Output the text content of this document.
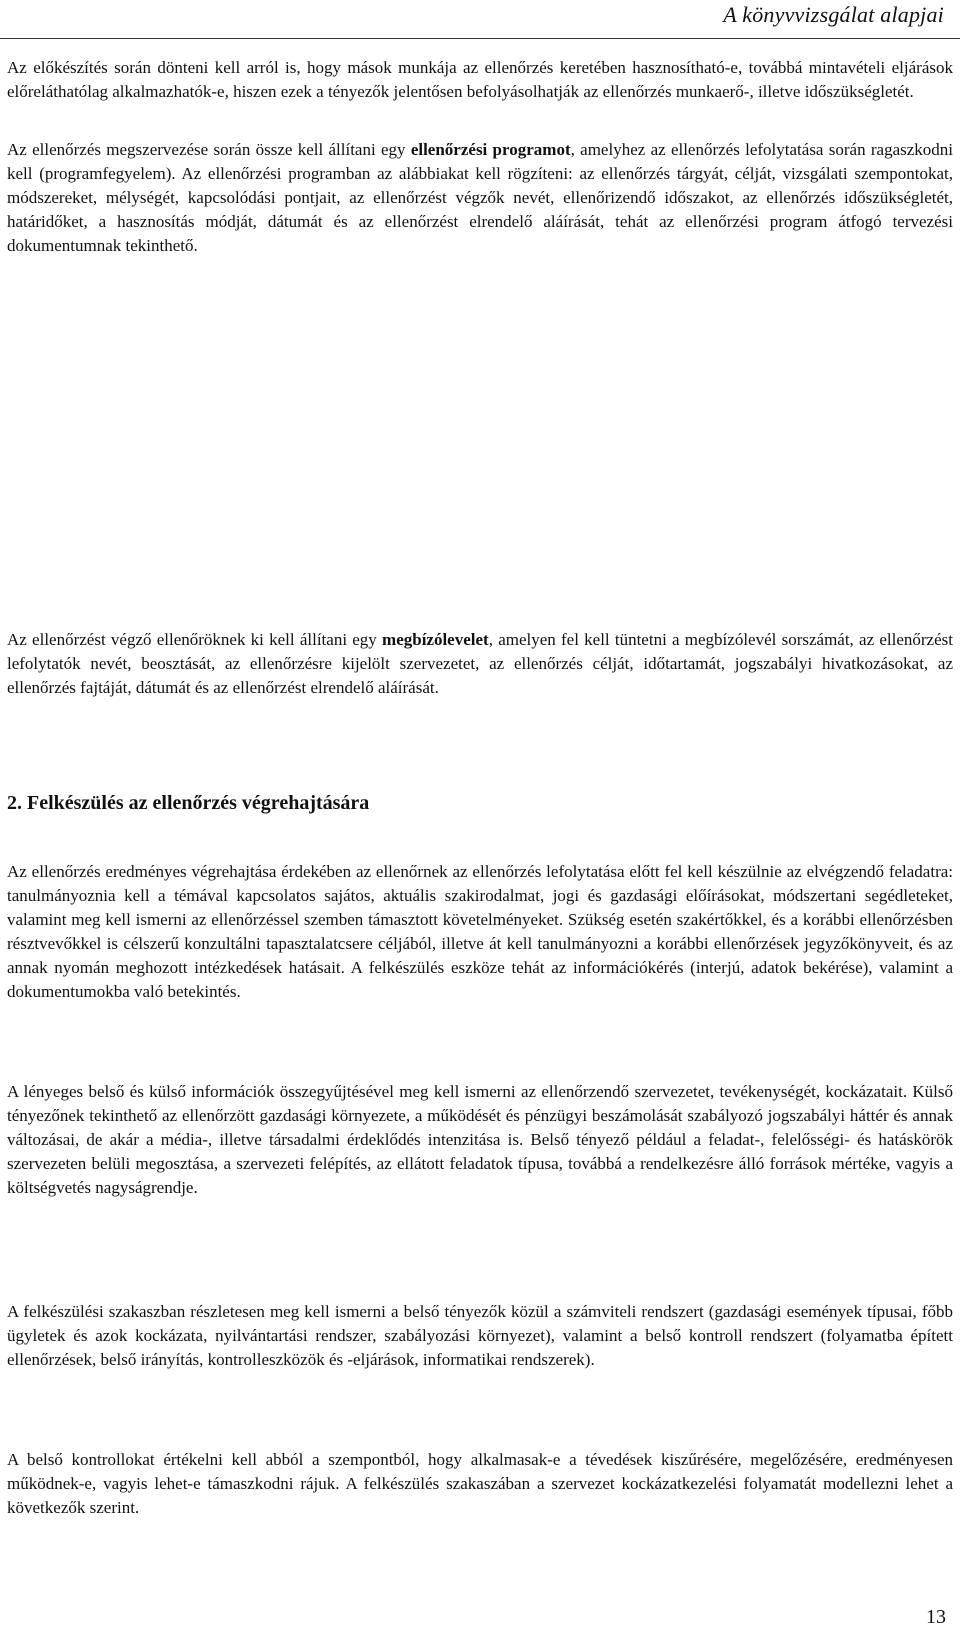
A könyvvizsgálat alapjai

Az előkészítés során dönteni kell arról is, hogy mások munkája az ellenőrzés keretében hasznosítható-e, továbbá mintavételi eljárások előreláthatólag alkalmazhatók-e, hiszen ezek a tényezők jelentősen befolyásolhatják az ellenőrzés munkaerő-, illetve időszükségletét.

Az ellenőrzés megszervezése során össze kell állítani egy ellenőrzési programot, amelyhez az ellenőrzés lefolytatása során ragaszkodni kell (programfegyelem). Az ellenőrzési programban az alábbiakat kell rögzíteni: az ellenőrzés tárgyát, célját, vizsgálati szempontokat, módszereket, mélységét, kapcsolódási pontjait, az ellenőrzést végzők nevét, ellenőrizendő időszakot, az ellenőrzés időszükségletét, határidőket, a hasznosítás módját, dátumát és az ellenőrzést elrendelő aláírását, tehát az ellenőrzési program átfogó tervezési dokumentumnak tekinthető.

Az ellenőrzést végző ellenőröknek ki kell állítani egy megbízólevelet, amelyen fel kell tüntetni a megbízólevél sorszámát, az ellenőrzést lefolytatók nevét, beosztását, az ellenőrzésre kijelölt szervezetet, az ellenőrzés célját, időtartamát, jogszabályi hivatkozásokat, az ellenőrzés fajtáját, dátumát és az ellenőrzést elrendelő aláírását.

2. Felkészülés az ellenőrzés végrehajtására

Az ellenőrzés eredményes végrehajtása érdekében az ellenőrnek az ellenőrzés lefolytatása előtt fel kell készülnie az elvégzendő feladatra: tanulmányoznia kell a témával kapcsolatos sajátos, aktuális szakirodalmat, jogi és gazdasági előírásokat, módszertani segédleteket, valamint meg kell ismerni az ellenőrzéssel szemben támasztott követelményeket. Szükség esetén szakértőkkel, és a korábbi ellenőrzésben résztvevőkkel is célszerű konzultálni tapasztalatcsere céljából, illetve át kell tanulmányozni a korábbi ellenőrzések jegyzőkönyveit, és az annak nyomán meghozott intézkedések hatásait. A felkészülés eszköze tehát az információkérés (interjú, adatok bekérése), valamint a dokumentumokba való betekintés.

A lényeges belső és külső információk összegyűjtésével meg kell ismerni az ellenőrzendő szervezetet, tevékenységét, kockázatait. Külső tényezőnek tekinthető az ellenőrzött gazdasági környezete, a működését és pénzügyi beszámolását szabályozó jogszabályi háttér és annak változásai, de akár a média-, illetve társadalmi érdeklődés intenzitása is. Belső tényező például a feladat-, felelősségi- és hatáskörök szervezeten belüli megosztása, a szervezeti felépítés, az ellátott feladatok típusa, továbbá a rendelkezésre álló források mértéke, vagyis a költségvetés nagyságrendje.

A felkészülési szakaszban részletesen meg kell ismerni a belső tényezők közül a számviteli rendszert (gazdasági események típusai, főbb ügyletek és azok kockázata, nyilvántartási rendszer, szabályozási környezet), valamint a belső kontroll rendszert (folyamatba épített ellenőrzések, belső irányítás, kontrolleszközök és -eljárások, informatikai rendszerek).

A belső kontrollokat értékelni kell abból a szempontból, hogy alkalmasak-e a tévedések kiszűrésére, megelőzésére, eredményesen működnek-e, vagyis lehet-e támaszkodni rájuk. A felkészülés szakaszában a szervezet kockázatkezelési folyamatát modellezni lehet a következők szerint.

13
